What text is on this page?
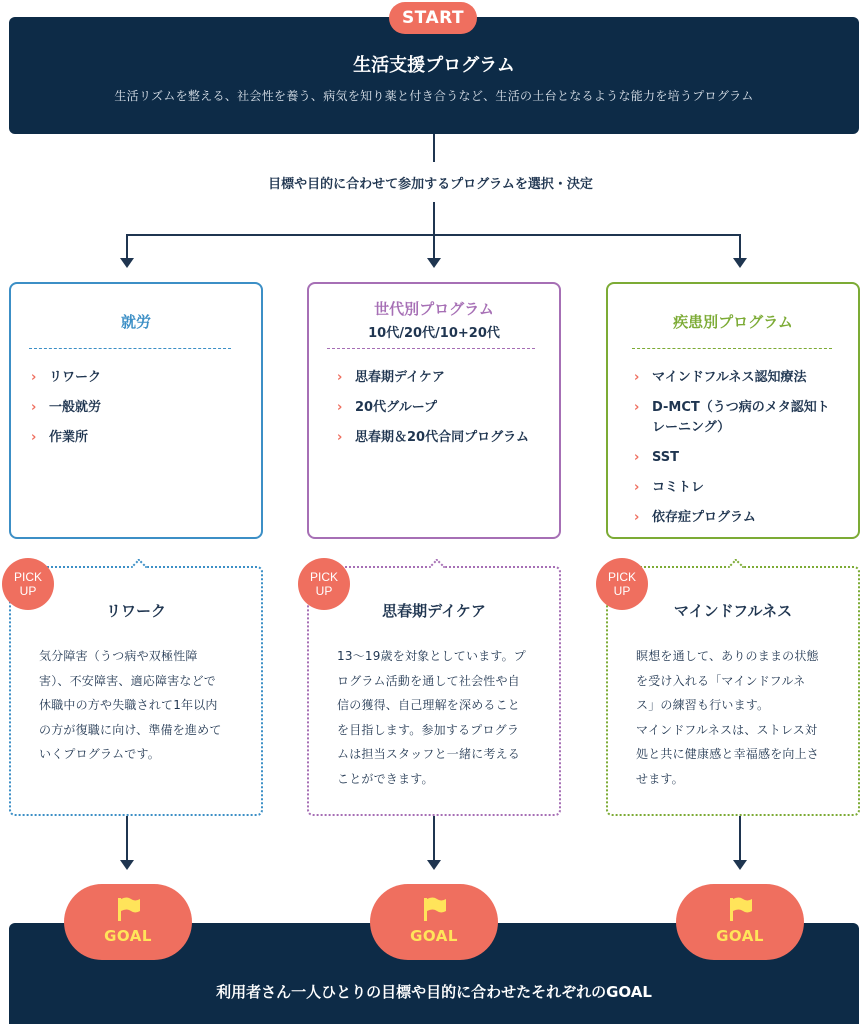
START
生活支援プログラム
生活リズムを整える、社会性を養う、病気を知り薬と付き合うなど、生活の土台となるような能力を培うプログラム
目標や目的に合わせて参加するプログラムを選択・決定
就労
› リワーク
› 一般就労
› 作業所
世代別プログラム
10代/20代/10+20代
› 思春期デイケア
› 20代グループ
› 思春期＆20代合同プログラム
疾患別プログラム
› マインドフルネス認知療法
› D-MCT（うつ病のメタ認知ト
レーニング）
› SST
› コミトレ
› 依存症プログラム
リワーク
気分障害（うつ病や双極性障
害）、不安障害、適応障害などで
休職中の方や失職されて1年以内
の方が復職に向け、準備を進めて
いくプログラムです。
PICK
UP
思春期デイケア
13〜19歳を対象としています。プ
ログラム活動を通して社会性や自
信の獲得、自己理解を深めること
を目指します。参加するプログラ
ムは担当スタッフと一緒に考える
ことができます。
PICK
UP
マインドフルネス
瞑想を通して、ありのままの状態
を受け入れる「マインドフルネ
ス」の練習も行います。
マインドフルネスは、ストレス対
処と共に健康感と幸福感を向上さ
せます。
PICK
UP
利用者さん一人ひとりの目標や目的に合わせたそれぞれのGOAL
GOAL	GOAL	GOAL
